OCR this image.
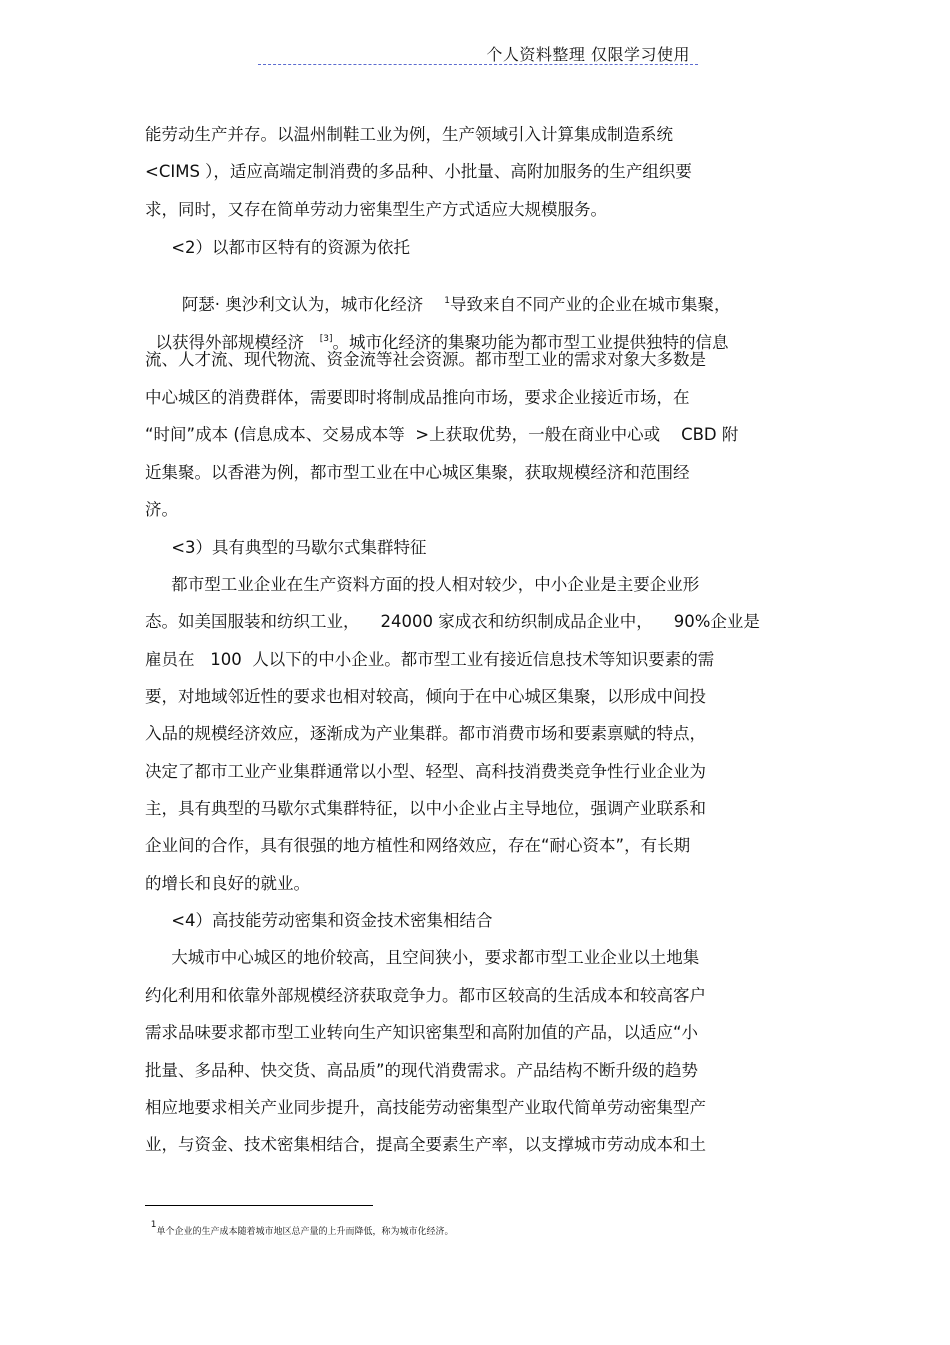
个人资料整理 仅限学习使用
能劳动生产并存。以温州制鞋工业为例，生产领域引入计算集成制造系统
<CIMS ），适应高端定制消费的多品种、小批量、高附加服务的生产组织要
求，同时，又存在简单劳动力密集型生产方式适应大规模服务。
<2）以都市区特有的资源为依托

阿瑟· 奥沙利文认为，城市化经济 $^1$导致来自不同产业的企业在城市集聚，

以获得外部规模经济 [3]。城市化经济的集聚功能为都市型工业提供独特的信息

流、人才流、现代物流、资金流等社会资源。都市型工业的需求对象大多数是
中心城区的消费群体，需要即时将制成品推向市场，要求企业接近市场，在
“时间”成本 (信息成本、交易成本等  >上获取优势，一般在商业中心或    CBD 附
近集聚。以香港为例，都市型工业在中心城区集聚，获取规模经济和范围经
济。
<3）具有典型的马歇尔式集群特征
都市型工业企业在生产资料方面的投人相对较少，中小企业是主要企业形
态。如美国服装和纺织工业，    24000 家成衣和纺织制成品企业中，    90%企业是
雇员在   100  人以下的中小企业。都市型工业有接近信息技术等知识要素的需
要，对地域邻近性的要求也相对较高，倾向于在中心城区集聚，以形成中间投
入品的规模经济效应，逐渐成为产业集群。都市消费市场和要素禀赋的特点，
决定了都市工业产业集群通常以小型、轻型、高科技消费类竞争性行业企业为
主，具有典型的马歇尔式集群特征，以中小企业占主导地位，强调产业联系和
企业间的合作，具有很强的地方植性和网络效应，存在“耐心资本”，有长期
的增长和良好的就业。
<4）高技能劳动密集和资金技术密集相结合
大城市中心城区的地价较高，且空间狭小，要求都市型工业企业以土地集
约化利用和依靠外部规模经济获取竞争力。都市区较高的生活成本和较高客户
需求品味要求都市型工业转向生产知识密集型和高附加值的产品，以适应“小
批量、多品种、快交货、高品质”的现代消费需求。产品结构不断升级的趋势
相应地要求相关产业同步提升，高技能劳动密集型产业取代简单劳动密集型产
业，与资金、技术密集相结合，提高全要素生产率，以支撑城市劳动成本和土

1单个企业的生产成本随着城市地区总产量的上升而降低，称为城市化经济。
